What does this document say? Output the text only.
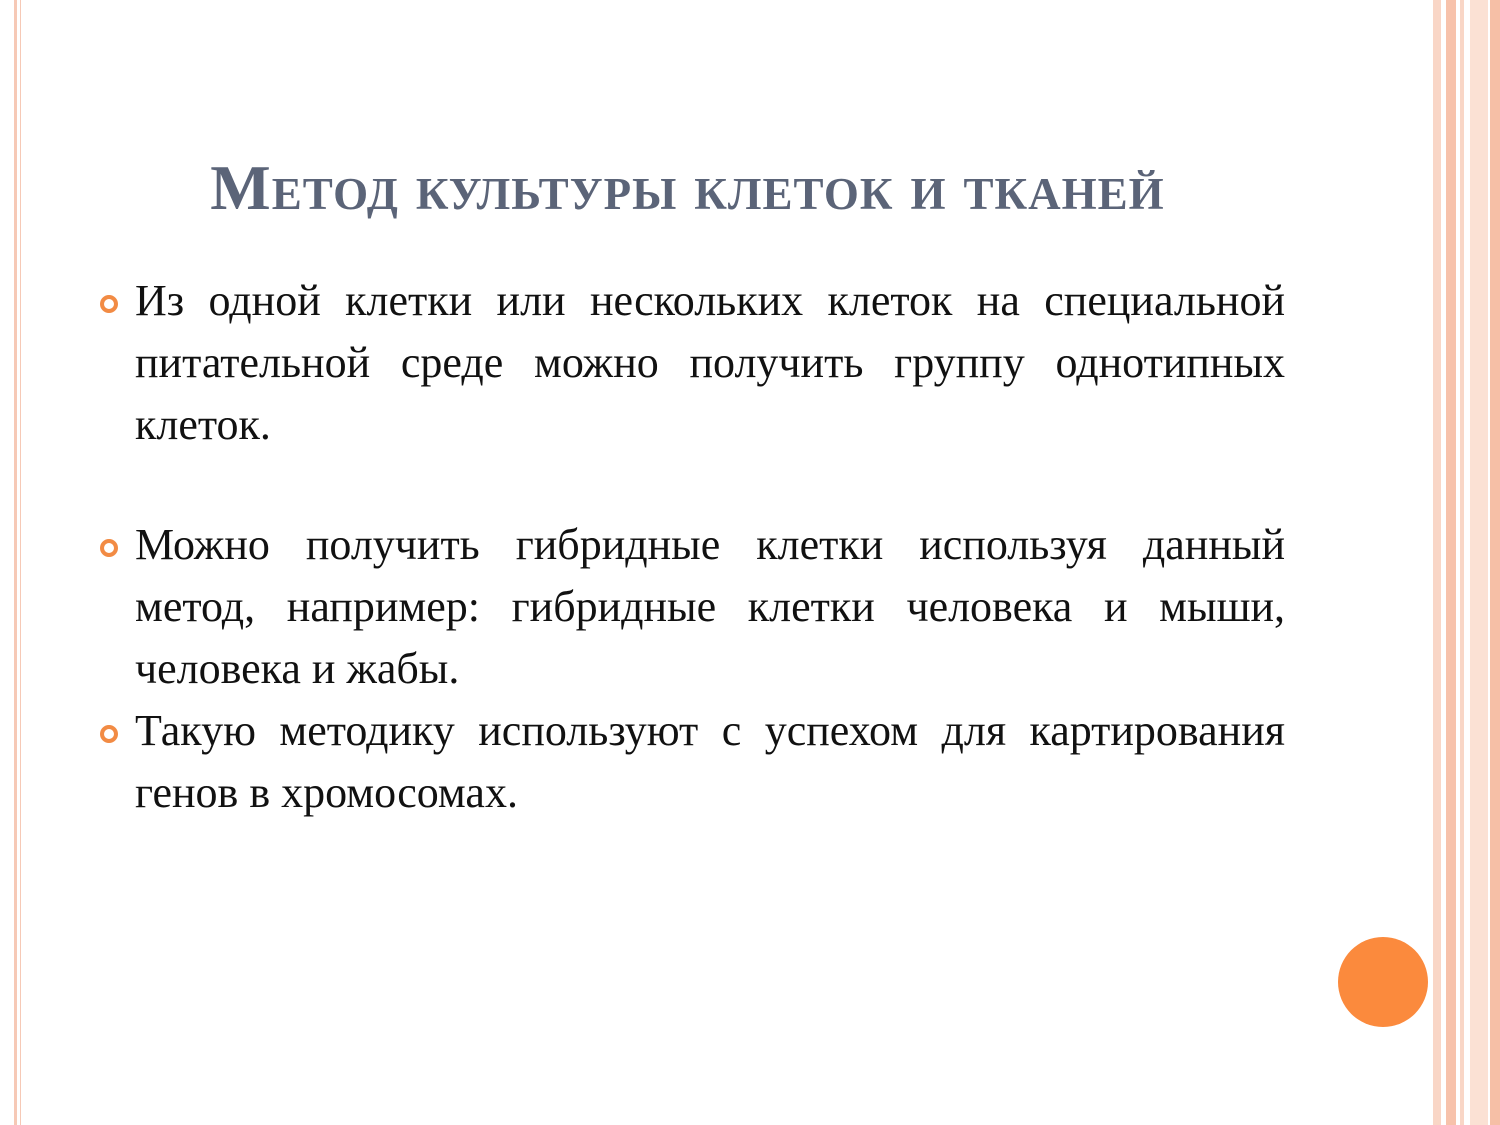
Метод культуры клеток и тканей
Из одной клетки или нескольких клеток на специальной питательной среде можно получить группу однотипных клеток.
Можно получить гибридные клетки используя данный метод, например: гибридные клетки человека и мыши, человека и жабы.
Такую методику используют с успехом для картирования генов в хромосомах.
